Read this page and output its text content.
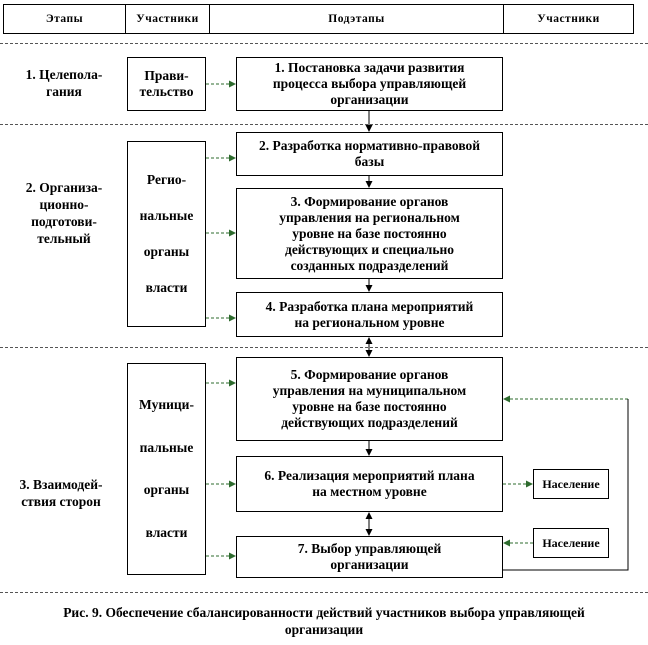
Этапы	Участники	Подэтапы	Участники
1. Целепола-
гания
2. Организа-
ционно-
подготови-
тельный
3. Взаимодей-
ствия сторон
Прави-
тельство
Регио-
нальные
органы
власти
Муници-
пальные
органы
власти
1. Постановка задачи развития
процесса выбора управляющей
организации
2. Разработка нормативно-правовой
базы
3. Формирование органов
управления на региональном
уровне на базе постоянно
действующих и специально
созданных подразделений
4. Разработка плана мероприятий
на региональном уровне
5. Формирование органов
управления на муниципальном
уровне на базе постоянно
действующих подразделений
6. Реализация мероприятий плана
на местном уровне
7. Выбор управляющей
организации
Население
Население
Рис. 9. Обеспечение сбалансированности действий участников выбора управляющей
организации
